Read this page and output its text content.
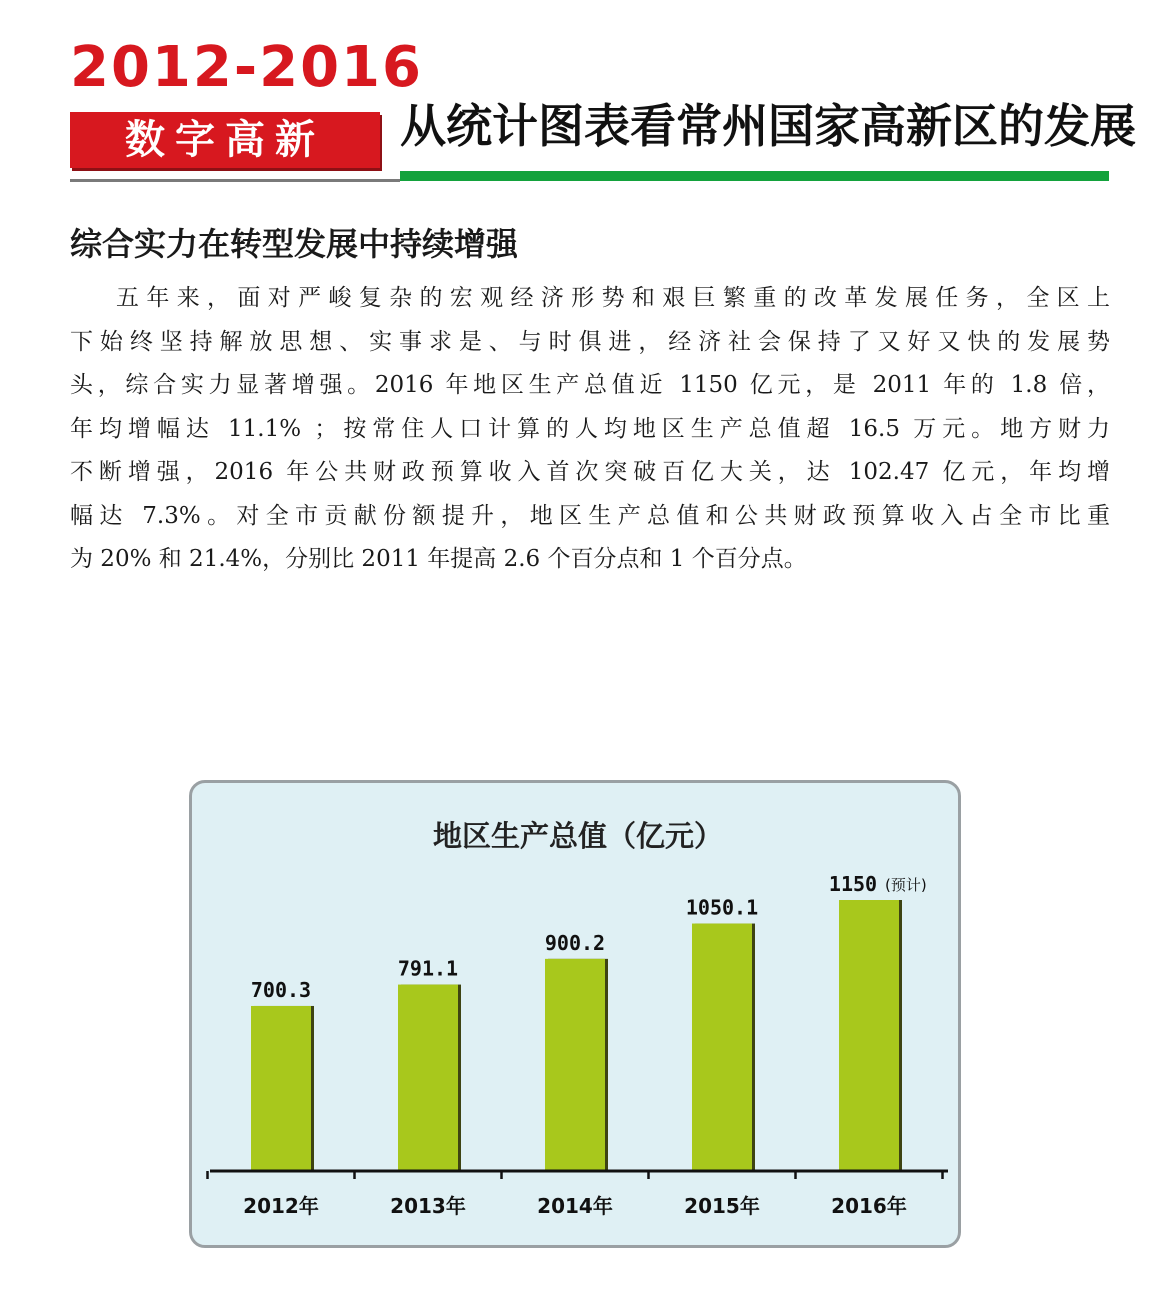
2012-2016
数字高新	从统计图表看常州国家高新区的发展
综合实力在转型发展中持续增强
五年来，面对严峻复杂的宏观经济形势和艰巨繁重的改革发展任务，全区上
下始终坚持解放思想、实事求是、与时俱进，经济社会保持了又好又快的发展势
头，综合实力显著增强。2016 年地区生产总值近 1150 亿元，是 2011 年的 1.8 倍，
年均增幅达 11.1% ；按常住人口计算的人均地区生产总值超 16.5 万元。地方财力
不断增强，2016 年公共财政预算收入首次突破百亿大关，达 102.47 亿元，年均增
幅达 7.3%。对全市贡献份额提升，地区生产总值和公共财政预算收入占全市比重
为 20% 和 21.4%，分别比 2011 年提高 2.6 个百分点和 1 个百分点。
地区生产总值（亿元）
700.3
2012年
791.1
2013年
900.2
2014年
1050.1
2015年
1150 (预计)
2016年
